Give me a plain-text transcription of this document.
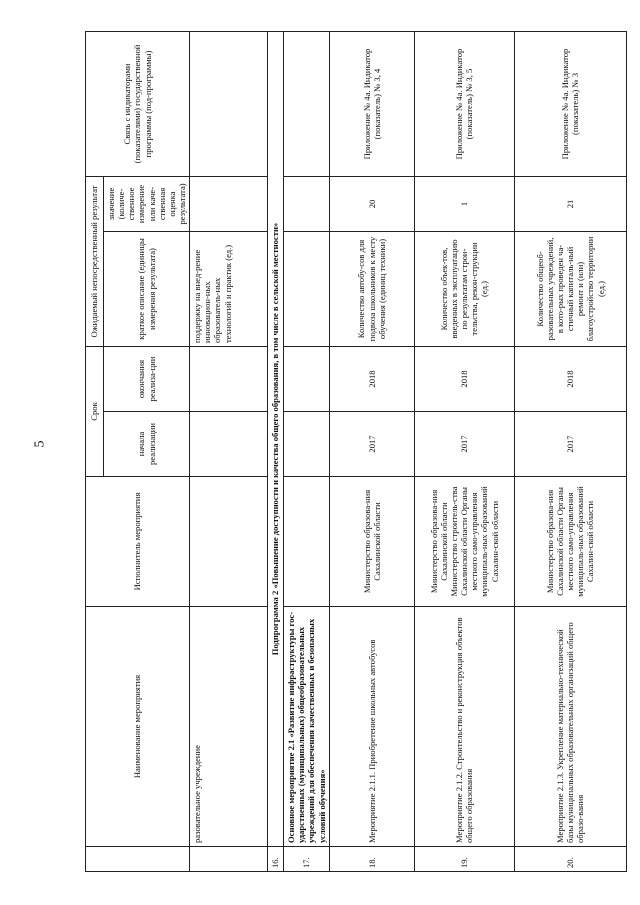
5
	Наименование мероприятия	Исполнитель мероприятия	Срок		Ожидаемый непосредственный результат		Связь с индикаторами (показателями) государственной программы (под-программы)
			начала реализации	окончания реализа-ции	краткое описание (единицы измерения результата)	значение (количе-ственное измерение или каче-ственная оценка результата)	

	разовательное учреждение				поддержку на внед-рение инновацион-ных образователь-ных технологий и практик (ед.)		
16.	Подпрограмма 2 «Повышение доступности и качества общего образования, в том числе в сельской местности»						
17.	Основное мероприятие 2.1 «Развитие инфраструктуры гос-ударственных (муниципальных) общеобразовательных учреждений для обеспечения качественных и безопасных условий обучения»						
18.	Мероприятие 2.1.1. Приобретение школьных автобусов	Министерство образова-ния Сахалинской области	2017	2018	Количество автобу-сов для подвоза школьников к месту обучения (единиц техники)	20	Приложение № 4а. Индикатор (показатель) № 3, 4
19.	Мероприятие 2.1.2. Строительство и реконструкция объектов общего образования	Министерство образова-ния Сахалинской области Министерство строитель-ства Сахалинской области Органы местного само-управления муниципаль-ных образований Сахалин-ской области	2017	2018	Количество объек-тов, введенных в эксплуатацию по результатам строи-тельства, рекон-струкции (ед.)	1	Приложение № 4а. Индикатор (показатель) № 3, 5
20.	Мероприятие 2.1.3. Укрепление материально-технической базы муниципальных образовательных организаций общего образо-вания	Министерство образова-ния Сахалинской области Органы местного само-управления муниципаль-ных образований Сахалин-ской области	2017	2018	Количество общеоб-разовательных учреждений, в кото-рых проведен ча-стичный капиталь-ный ремонт и (или) благоустройство территории (ед.)	21	Приложение № 4а. Индикатор (показатель) № 3
